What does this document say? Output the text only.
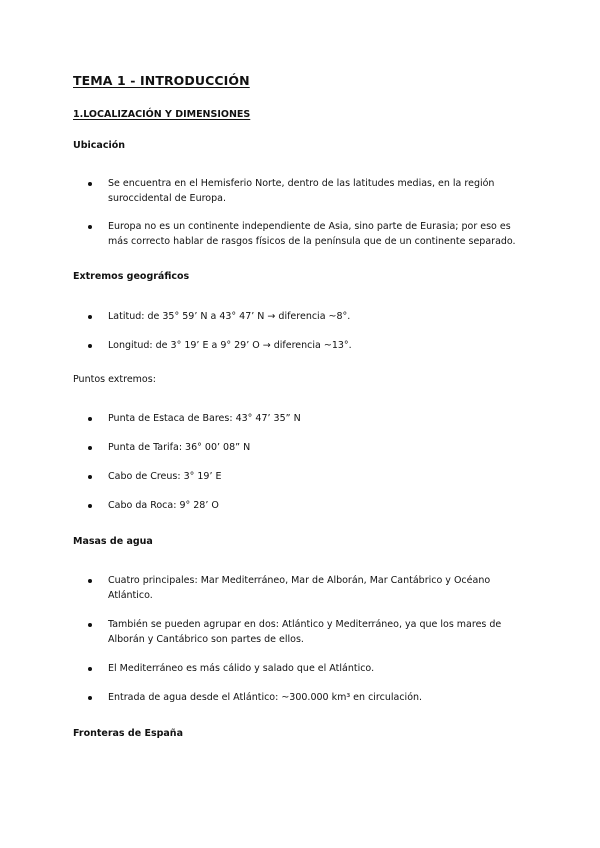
TEMA 1 - INTRODUCCIÓN
1.LOCALIZACIÓN Y DIMENSIONES

Ubicación

Se encuentra en el Hemisferio Norte, dentro de las latitudes medias, en la región suroccidental de Europa.
Europa no es un continente independiente de Asia, sino parte de Eurasia; por eso es más correcto hablar de rasgos físicos de la península que de un continente separado.

Extremos geográficos

Latitud: de 35° 59’ N a 43° 47’ N → diferencia ~8°.
Longitud: de 3° 19’ E a 9° 29’ O → diferencia ~13°.

Puntos extremos:

Punta de Estaca de Bares: 43° 47’ 35” N
Punta de Tarifa: 36° 00’ 08” N
Cabo de Creus: 3° 19’ E
Cabo da Roca: 9° 28’ O

Masas de agua

Cuatro principales: Mar Mediterráneo, Mar de Alborán, Mar Cantábrico y Océano Atlántico.
También se pueden agrupar en dos: Atlántico y Mediterráneo, ya que los mares de Alborán y Cantábrico son partes de ellos.
El Mediterráneo es más cálido y salado que el Atlántico.
Entrada de agua desde el Atlántico: ~300.000 km³ en circulación.

Fronteras de España
